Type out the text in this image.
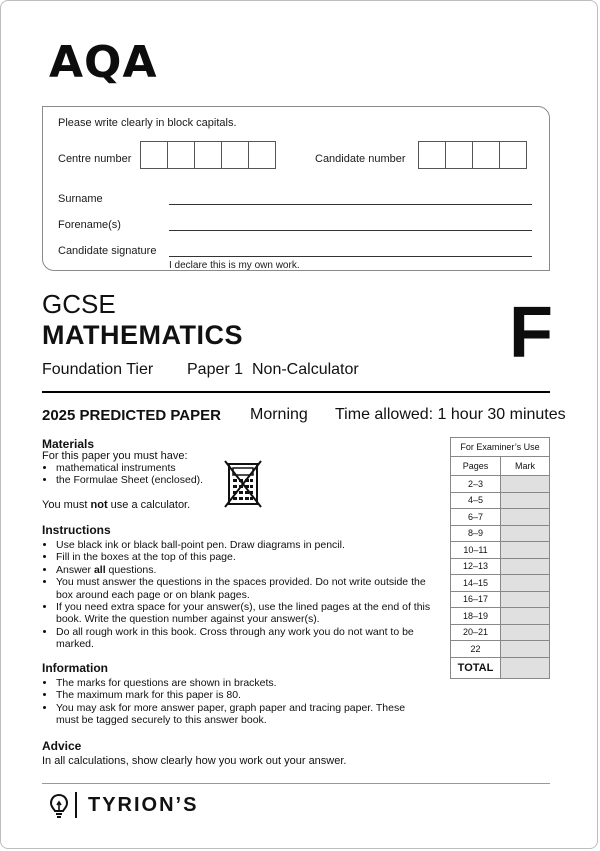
AQA
Please write clearly in block capitals.
Centre number	Candidate number
Surname
Forename(s)
Candidate signature
I declare this is my own work.
GCSE
MATHEMATICS
Foundation Tier Paper 1 Non-Calculator F
2025 PREDICTED PAPER Morning Time allowed: 1 hour 30 minutes
Materials
For this paper you must have:
• mathematical instruments
• the Formulae Sheet (enclosed).
You must not use a calculator.
Instructions
• Use black ink or black ball-point pen. Draw diagrams in pencil.
• Fill in the boxes at the top of this page.
• Answer all questions.
• You must answer the questions in the spaces provided. Do not write outside the box around each page or on blank pages.
• If you need extra space for your answer(s), use the lined pages at the end of this book. Write the question number against your answer(s).
• Do all rough work in this book. Cross through any work you do not want to be marked.
Information
• The marks for questions are shown in brackets.
• The maximum mark for this paper is 80.
• You may ask for more answer paper, graph paper and tracing paper. These must be tagged securely to this answer book.
Advice
In all calculations, show clearly how you work out your answer.
For Examiner’s Use	
Pages	Mark
2–3	
4–5	
6–7	
8–9	
10–11	
12–13	
14–15	
16–17	
18–19	
20–21	
22	
TOTAL	
TYRION’S
